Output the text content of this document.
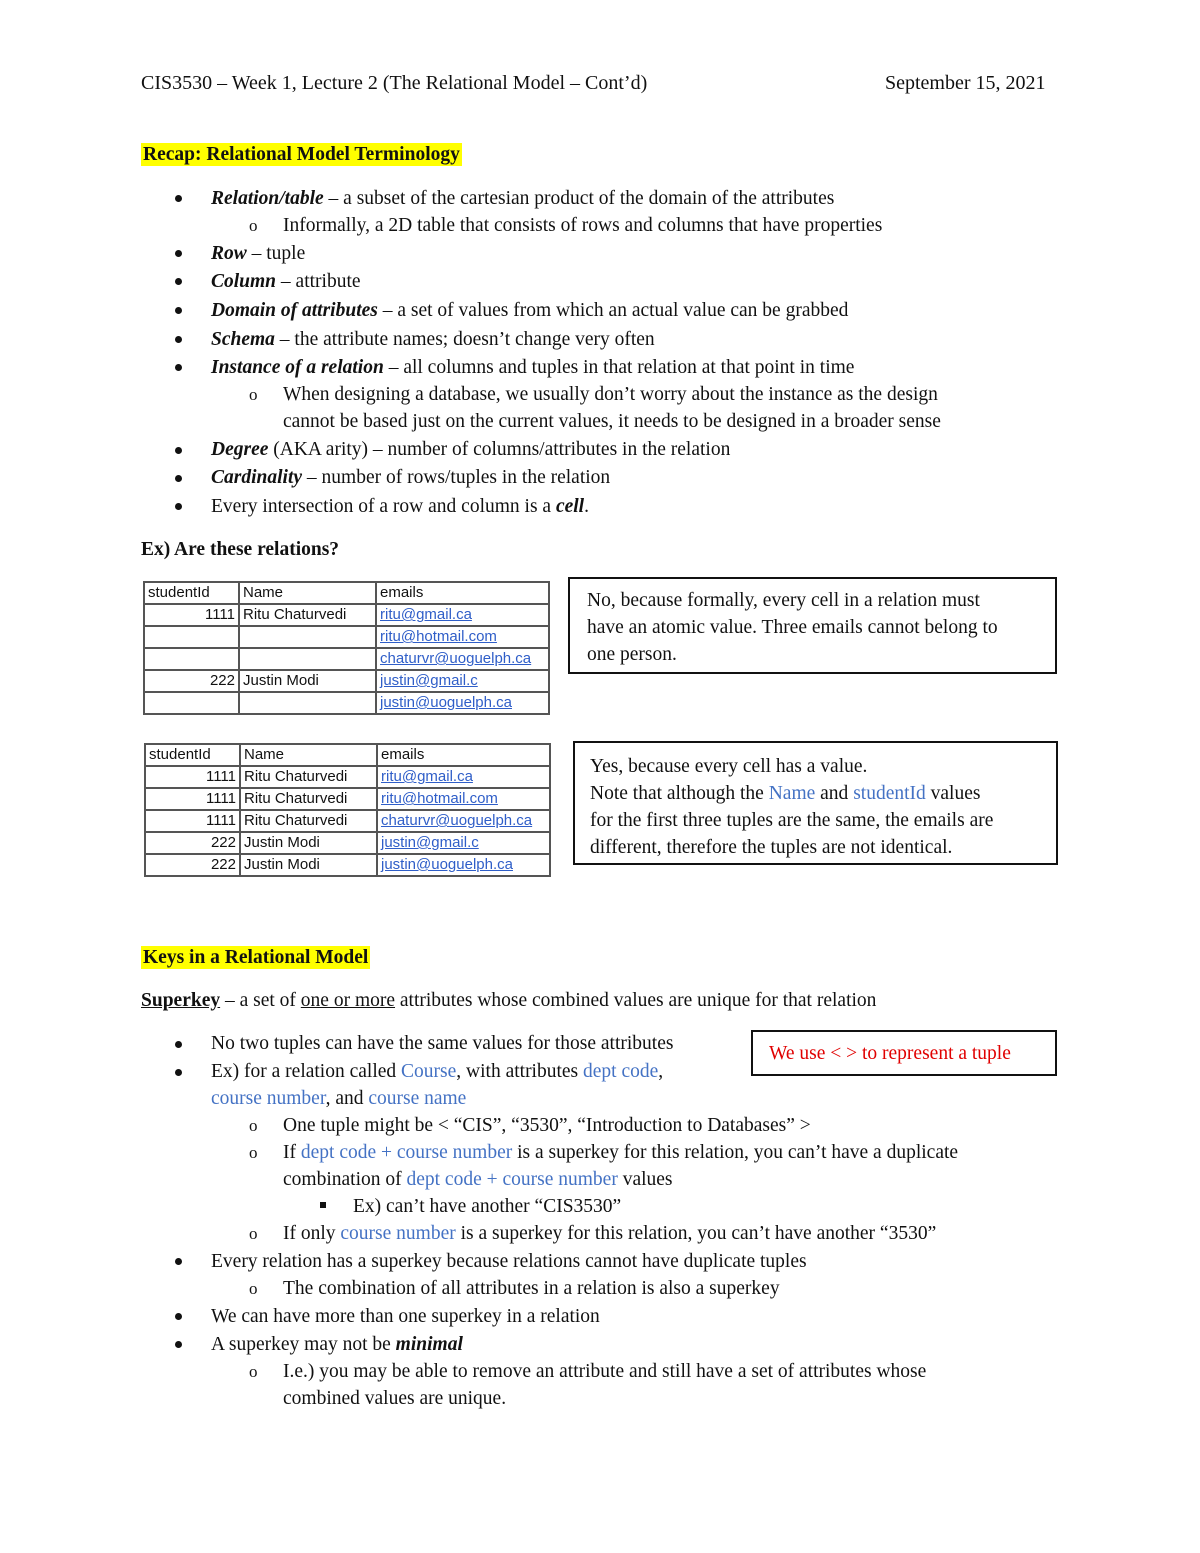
CIS3530 – Week 1, Lecture 2 (The Relational Model – Cont’d)	September 15, 2021
Recap: Relational Model Terminology
Relation/table – a subset of the cartesian product of the domain of the attributes
o Informally, a 2D table that consists of rows and columns that have properties
Row – tuple
Column – attribute
Domain of attributes – a set of values from which an actual value can be grabbed
Schema – the attribute names; doesn’t change very often
Instance of a relation – all columns and tuples in that relation at that point in time
o When designing a database, we usually don’t worry about the instance as the design
cannot be based just on the current values, it needs to be designed in a broader sense
Degree (AKA arity) – number of columns/attributes in the relation
Cardinality – number of rows/tuples in the relation
Every intersection of a row and column is a cell.
Ex) Are these relations?
studentId	Name	emails
1111	Ritu Chaturvedi	ritu@gmail.ca
		ritu@hotmail.com
		chaturvr@uoguelph.ca
222	Justin Modi	justin@gmail.c
		justin@uoguelph.ca
No, because formally, every cell in a relation must
have an atomic value. Three emails cannot belong to
one person.
studentId	Name	emails
1111	Ritu Chaturvedi	ritu@gmail.ca
1111	Ritu Chaturvedi	ritu@hotmail.com
1111	Ritu Chaturvedi	chaturvr@uoguelph.ca
222	Justin Modi	justin@gmail.c
222	Justin Modi	justin@uoguelph.ca
Yes, because every cell has a value.
Note that although the Name and studentId values
for the first three tuples are the same, the emails are
different, therefore the tuples are not identical.
Keys in a Relational Model
Superkey – a set of one or more attributes whose combined values are unique for that relation
We use < > to represent a tuple
No two tuples can have the same values for those attributes
Ex) for a relation called Course, with attributes dept code,
course number, and course name
o One tuple might be < “CIS”, “3530”, “Introduction to Databases” >
o If dept code + course number is a superkey for this relation, you can’t have a duplicate
combination of dept code + course number values
Ex) can’t have another “CIS3530”
o If only course number is a superkey for this relation, you can’t have another “3530”
Every relation has a superkey because relations cannot have duplicate tuples
o The combination of all attributes in a relation is also a superkey
We can have more than one superkey in a relation
A superkey may not be minimal
o I.e.) you may be able to remove an attribute and still have a set of attributes whose
combined values are unique.
